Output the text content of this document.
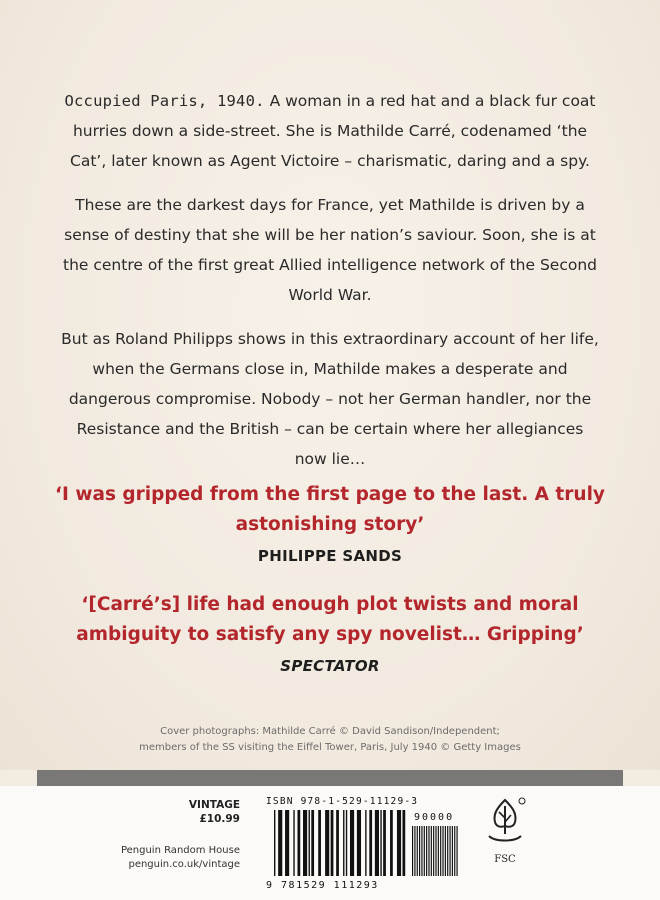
Occupied Paris, 1940. A woman in a red hat and a black fur coat hurries down a side-street. She is Mathilde Carré, codenamed ‘the Cat’, later known as Agent Victoire – charismatic, daring and a spy.

These are the darkest days for France, yet Mathilde is driven by a sense of destiny that she will be her nation’s saviour. Soon, she is at the centre of the first great Allied intelligence network of the Second World War.

But as Roland Philipps shows in this extraordinary account of her life, when the Germans close in, Mathilde makes a desperate and dangerous compromise. Nobody – not her German handler, nor the Resistance and the British – can be certain where her allegiances now lie…

‘I was gripped from the first page to the last. A truly astonishing story’

PHILIPPE SANDS

‘[Carré’s] life had enough plot twists and moral ambiguity to satisfy any spy novelist… Gripping’

SPECTATOR
Cover photographs: Mathilde Carré © David Sandison/Independent;
members of the SS visiting the Eiffel Tower, Paris, July 1940 © Getty Images
VINTAGE
£10.99
Penguin Random House
penguin.co.uk/vintage
ISBN 978-1-529-11129-3
90000
9 781529 111293
FSC
